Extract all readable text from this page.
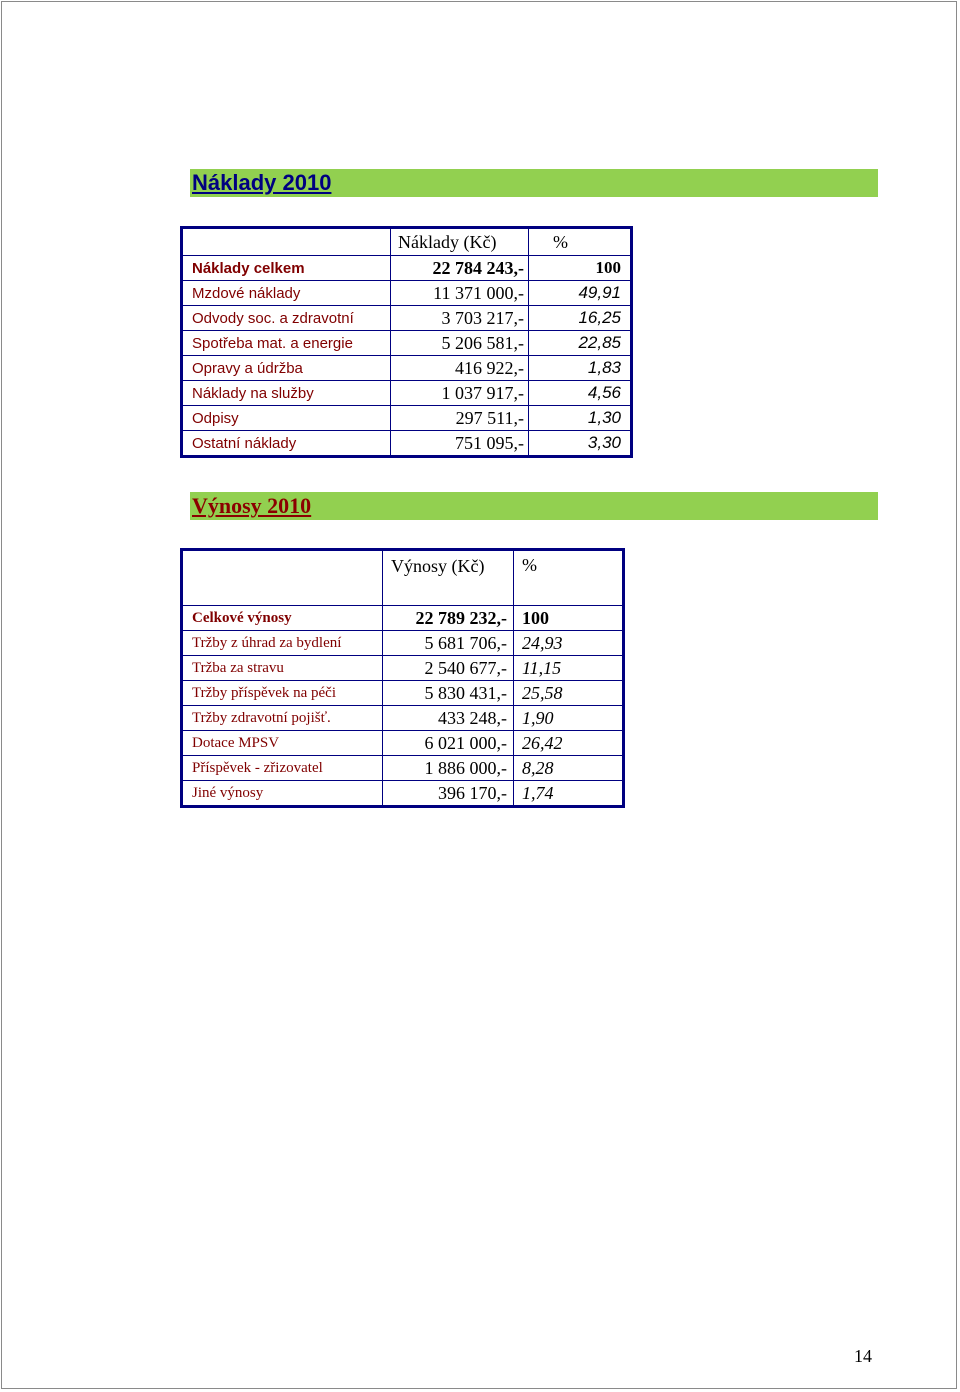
Náklady 2010
	Náklady (Kč)	%
Náklady celkem	22 784 243,-	100
Mzdové náklady	11 371 000,-	49,91
Odvody soc. a zdravotní	3 703 217,-	16,25
Spotřeba mat. a energie	5 206 581,-	22,85
Opravy a údržba	416 922,-	1,83
Náklady na služby	1 037 917,-	4,56
Odpisy	297 511,-	1,30
Ostatní náklady	751 095,-	3,30
Výnosy 2010
	Výnosy (Kč)	%
Celkové výnosy	22 789 232,-	100
Tržby z úhrad za bydlení	5 681 706,-	24,93
Tržba za stravu	2 540 677,-	11,15
Tržby příspěvek na péči	5 830 431,-	25,58
Tržby zdravotní pojišť.	433 248,-	1,90
Dotace MPSV	6 021 000,-	26,42
Příspěvek - zřizovatel	1 886 000,-	8,28
Jiné výnosy	396 170,-	1,74
14
